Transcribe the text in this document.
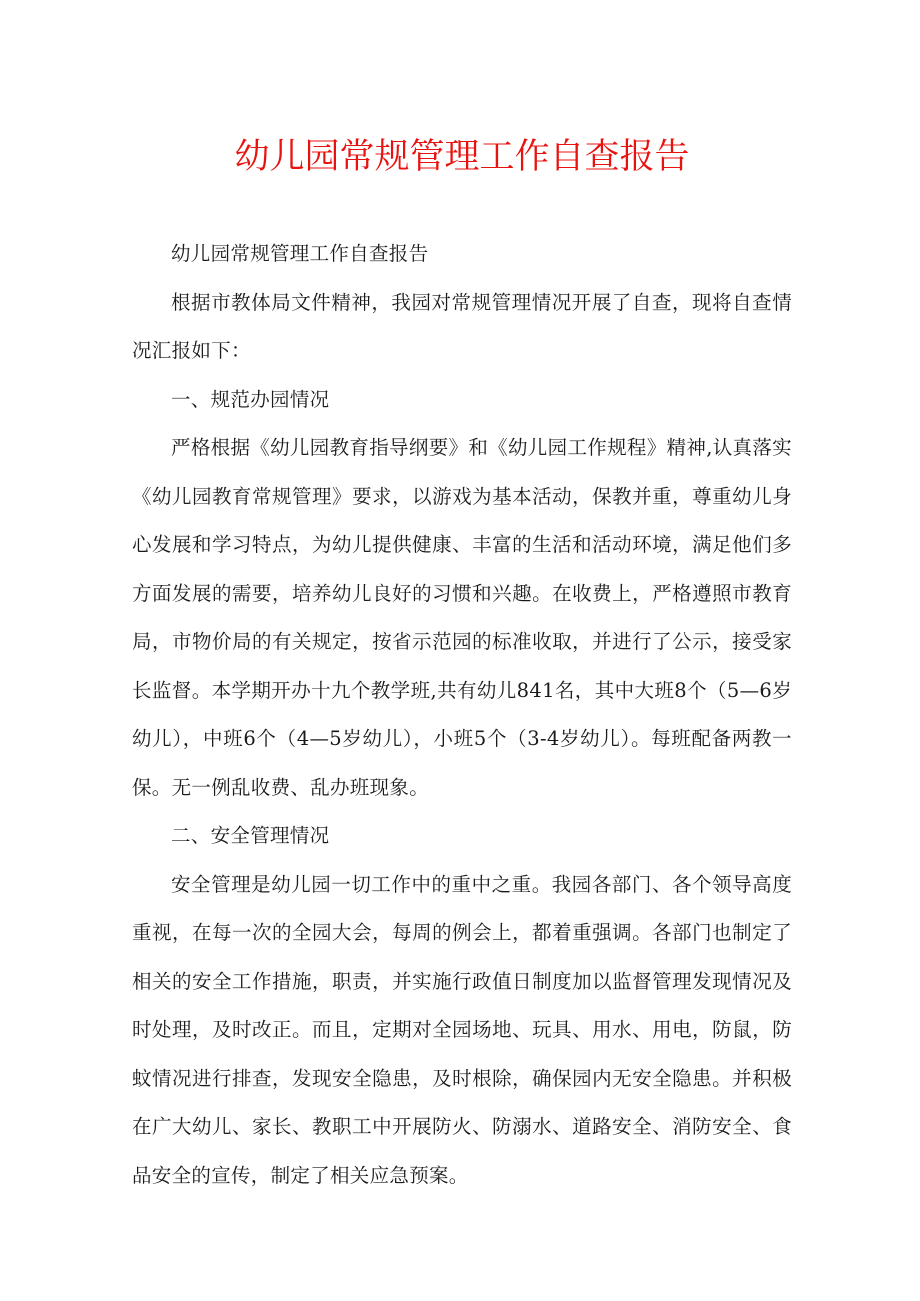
幼儿园常规管理工作自查报告

幼儿园常规管理工作自查报告

根据市教体局文件精神，我园对常规管理情况开展了自查，现将自查情况汇报如下：

一、规范办园情况

严格根据《幼儿园教育指导纲要》和《幼儿园工作规程》精神,认真落实《幼儿园教育常规管理》要求，以游戏为基本活动，保教并重，尊重幼儿身心发展和学习特点，为幼儿提供健康、丰富的生活和活动环境，满足他们多方面发展的需要，培养幼儿良好的习惯和兴趣。在收费上，严格遵照市教育局，市物价局的有关规定，按省示范园的标准收取，并进行了公示，接受家长监督。本学期开办十九个教学班,共有幼儿841名，其中大班8个（5—6岁幼儿），中班6个（4—5岁幼儿），小班5个（3-4岁幼儿）。每班配备两教一保。无一例乱收费、乱办班现象。

二、安全管理情况

安全管理是幼儿园一切工作中的重中之重。我园各部门、各个领导高度重视，在每一次的全园大会，每周的例会上，都着重强调。各部门也制定了相关的安全工作措施，职责，并实施行政值日制度加以监督管理发现情况及时处理，及时改正。而且，定期对全园场地、玩具、用水、用电，防鼠，防蚊情况进行排查，发现安全隐患，及时根除，确保园内无安全隐患。并积极在广大幼儿、家长、教职工中开展防火、防溺水、道路安全、消防安全、食品安全的宣传，制定了相关应急预案。
